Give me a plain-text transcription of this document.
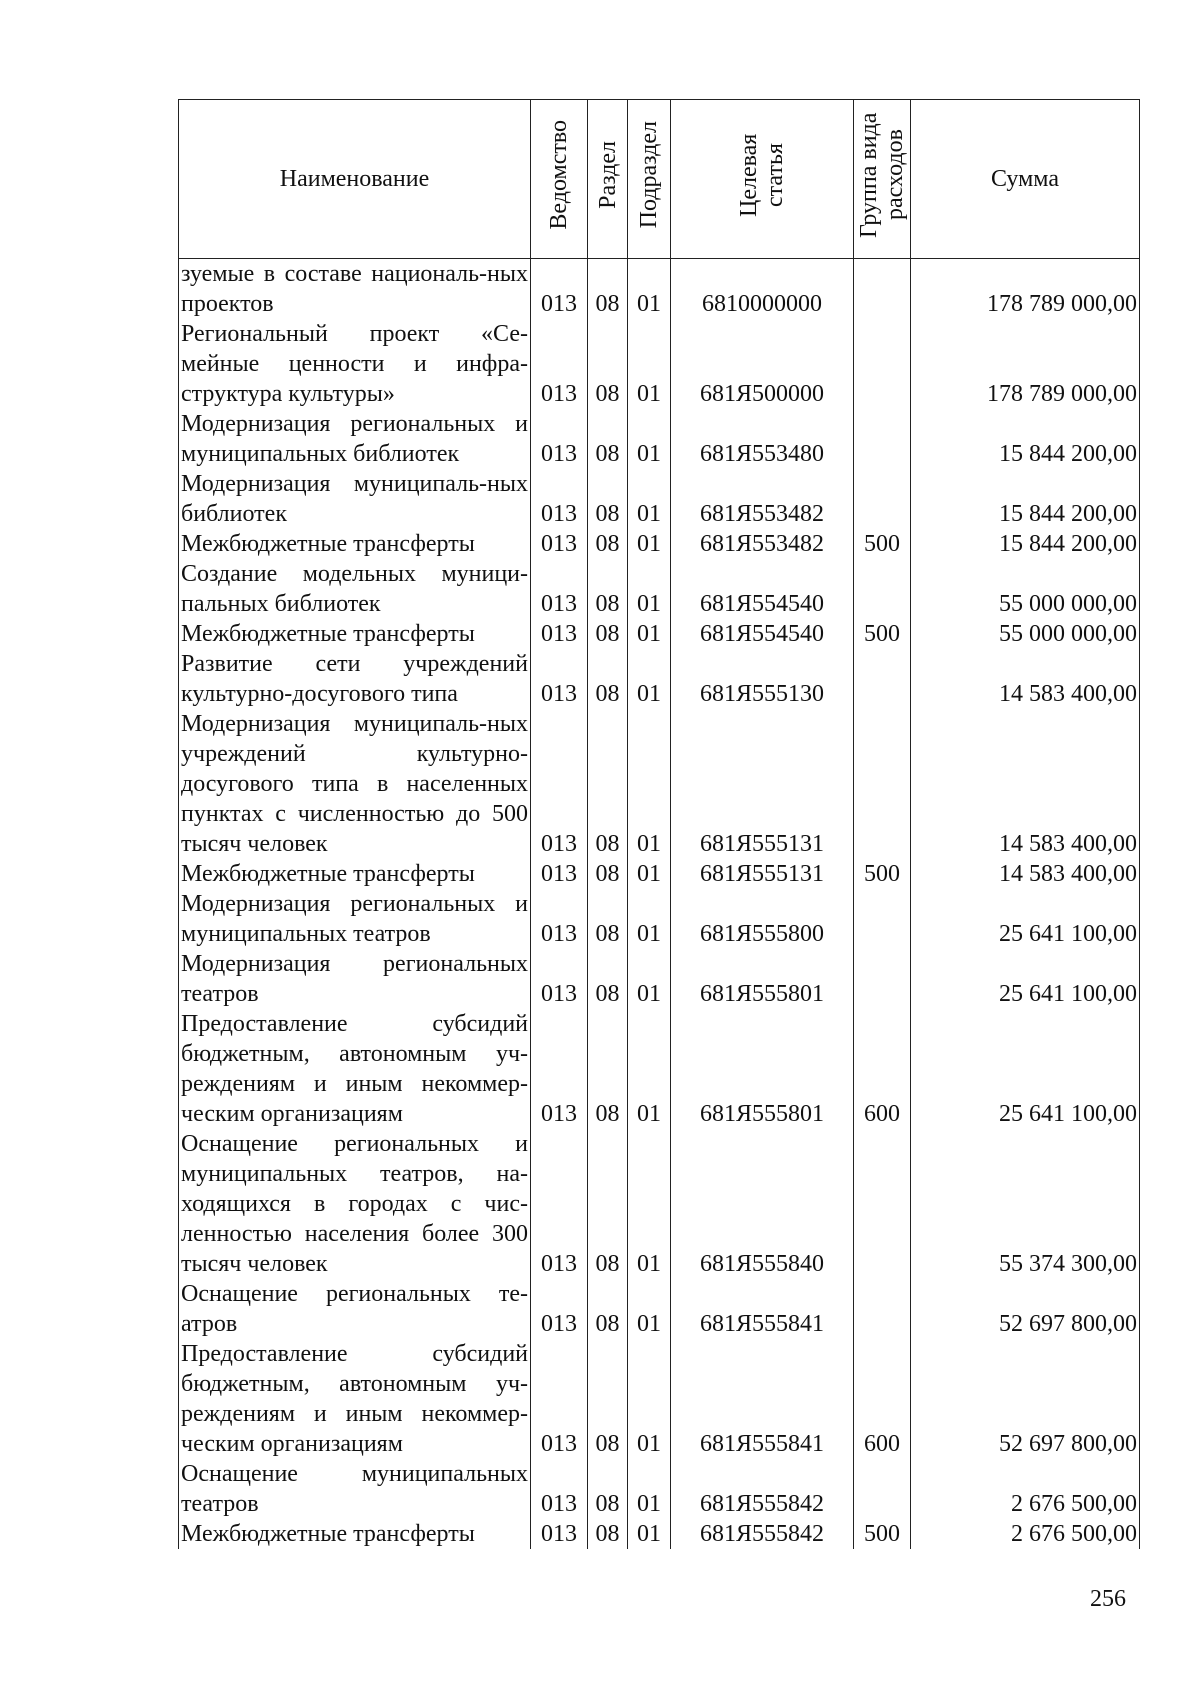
Наименование	Ведомство	Раздел	Подраздел	Целевая статья	Группа вида расходов	Сумма
зуемые в составе националь-ных проектов	013	08	01	6810000000		178 789 000,00
Региональный проект «Се-мейные ценности и инфра-структура культуры»	013	08	01	681Я500000		178 789 000,00
Модернизация региональных и муниципальных библиотек	013	08	01	681Я553480		15 844 200,00
Модернизация муниципаль-ных библиотек	013	08	01	681Я553482		15 844 200,00
Межбюджетные трансферты	013	08	01	681Я553482	500	15 844 200,00
Создание модельных муници-пальных библиотек	013	08	01	681Я554540		55 000 000,00
Межбюджетные трансферты	013	08	01	681Я554540	500	55 000 000,00
Развитие сети учреждений культурно-досугового типа	013	08	01	681Я555130		14 583 400,00
Модернизация муниципаль-ных учреждений культурно-досугового типа в населенных пунктах с численностью до 500 тысяч человек	013	08	01	681Я555131		14 583 400,00
Межбюджетные трансферты	013	08	01	681Я555131	500	14 583 400,00
Модернизация региональных и муниципальных театров	013	08	01	681Я555800		25 641 100,00
Модернизация региональных театров	013	08	01	681Я555801		25 641 100,00
Предоставление субсидий бюджетным, автономным уч-реждениям и иным некоммер-ческим организациям	013	08	01	681Я555801	600	25 641 100,00
Оснащение региональных и муниципальных театров, на-ходящихся в городах с чис-ленностью населения более 300 тысяч человек	013	08	01	681Я555840		55 374 300,00
Оснащение региональных те-атров	013	08	01	681Я555841		52 697 800,00
Предоставление субсидий бюджетным, автономным уч-реждениям и иным некоммер-ческим организациям	013	08	01	681Я555841	600	52 697 800,00
Оснащение муниципальных театров	013	08	01	681Я555842		2 676 500,00
Межбюджетные трансферты	013	08	01	681Я555842	500	2 676 500,00
256
